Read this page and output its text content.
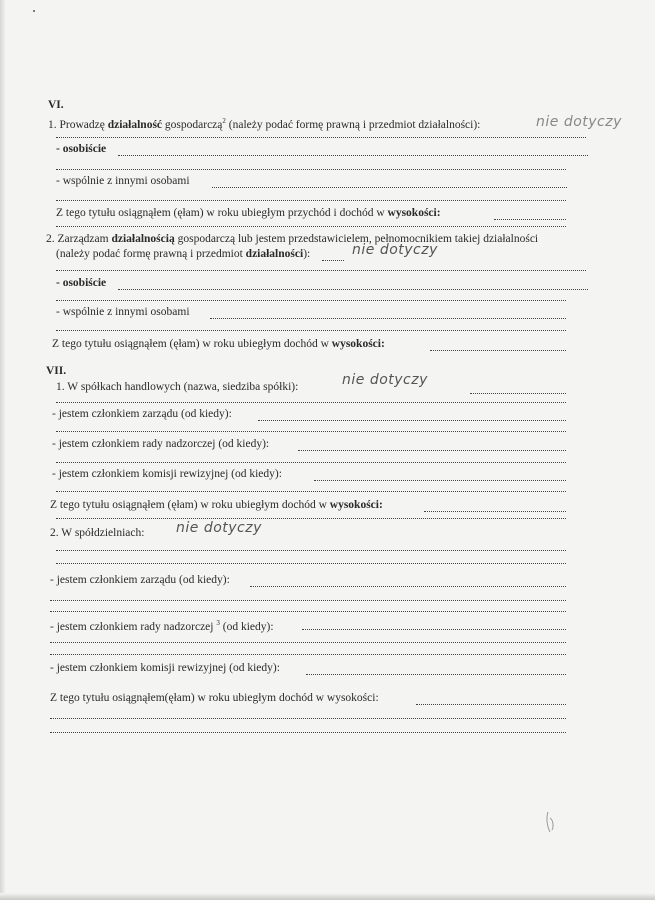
VI.
1. Prowadzę działalność gospodarczą$^2$ (należy podać formę prawną i przedmiot działalności):	nie dotyczy
- osobiście
- wspólnie z innymi osobami
Z tego tytułu osiągnąłem (ęłam) w roku ubiegłym przychód i dochód w wysokości:
2. Zarządzam działalnością gospodarczą lub jestem przedstawicielem, pełnomocnikiem takiej działalności
(należy podać formę prawną i przedmiot działalności):	nie dotyczy
- osobiście
- wspólnie z innymi osobami
Z tego tytułu osiągnąłem (ęłam) w roku ubiegłym dochód w wysokości:
VII.
1. W spółkach handlowych (nazwa, siedziba spółki):	nie dotyczy
- jestem członkiem zarządu (od kiedy):
- jestem członkiem rady nadzorczej (od kiedy):
- jestem członkiem komisji rewizyjnej (od kiedy):
Z tego tytułu osiągnąłem (ęłam) w roku ubiegłym dochód w wysokości:
2. W spółdzielniach: nie dotyczy
- jestem członkiem zarządu (od kiedy):
- jestem członkiem rady nadzorczej $^3$ (od kiedy):
- jestem członkiem komisji rewizyjnej (od kiedy):
Z tego tytułu osiągnąłem(ęłam) w roku ubiegłym dochód w wysokości:
